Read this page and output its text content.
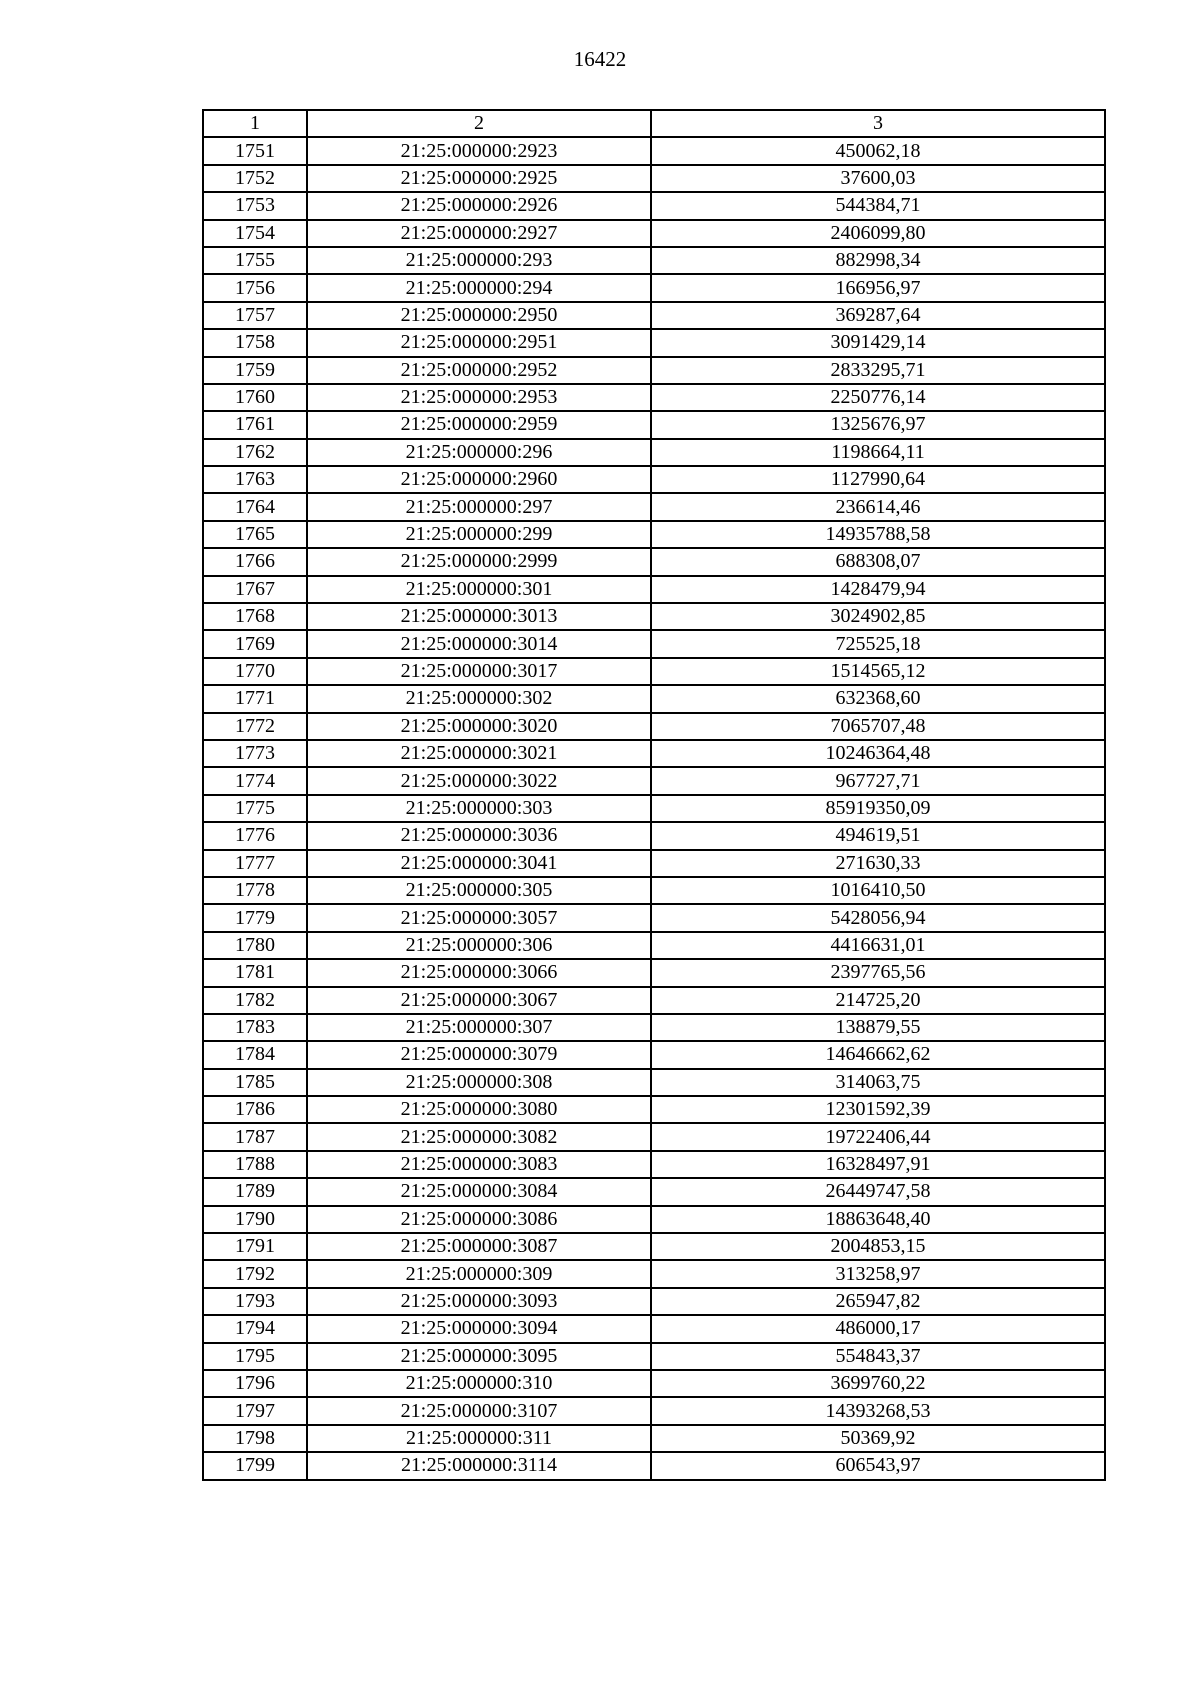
16422
1	2	3
1751	21:25:000000:2923	450062,18
1752	21:25:000000:2925	37600,03
1753	21:25:000000:2926	544384,71
1754	21:25:000000:2927	2406099,80
1755	21:25:000000:293	882998,34
1756	21:25:000000:294	166956,97
1757	21:25:000000:2950	369287,64
1758	21:25:000000:2951	3091429,14
1759	21:25:000000:2952	2833295,71
1760	21:25:000000:2953	2250776,14
1761	21:25:000000:2959	1325676,97
1762	21:25:000000:296	1198664,11
1763	21:25:000000:2960	1127990,64
1764	21:25:000000:297	236614,46
1765	21:25:000000:299	14935788,58
1766	21:25:000000:2999	688308,07
1767	21:25:000000:301	1428479,94
1768	21:25:000000:3013	3024902,85
1769	21:25:000000:3014	725525,18
1770	21:25:000000:3017	1514565,12
1771	21:25:000000:302	632368,60
1772	21:25:000000:3020	7065707,48
1773	21:25:000000:3021	10246364,48
1774	21:25:000000:3022	967727,71
1775	21:25:000000:303	85919350,09
1776	21:25:000000:3036	494619,51
1777	21:25:000000:3041	271630,33
1778	21:25:000000:305	1016410,50
1779	21:25:000000:3057	5428056,94
1780	21:25:000000:306	4416631,01
1781	21:25:000000:3066	2397765,56
1782	21:25:000000:3067	214725,20
1783	21:25:000000:307	138879,55
1784	21:25:000000:3079	14646662,62
1785	21:25:000000:308	314063,75
1786	21:25:000000:3080	12301592,39
1787	21:25:000000:3082	19722406,44
1788	21:25:000000:3083	16328497,91
1789	21:25:000000:3084	26449747,58
1790	21:25:000000:3086	18863648,40
1791	21:25:000000:3087	2004853,15
1792	21:25:000000:309	313258,97
1793	21:25:000000:3093	265947,82
1794	21:25:000000:3094	486000,17
1795	21:25:000000:3095	554843,37
1796	21:25:000000:310	3699760,22
1797	21:25:000000:3107	14393268,53
1798	21:25:000000:311	50369,92
1799	21:25:000000:3114	606543,97
